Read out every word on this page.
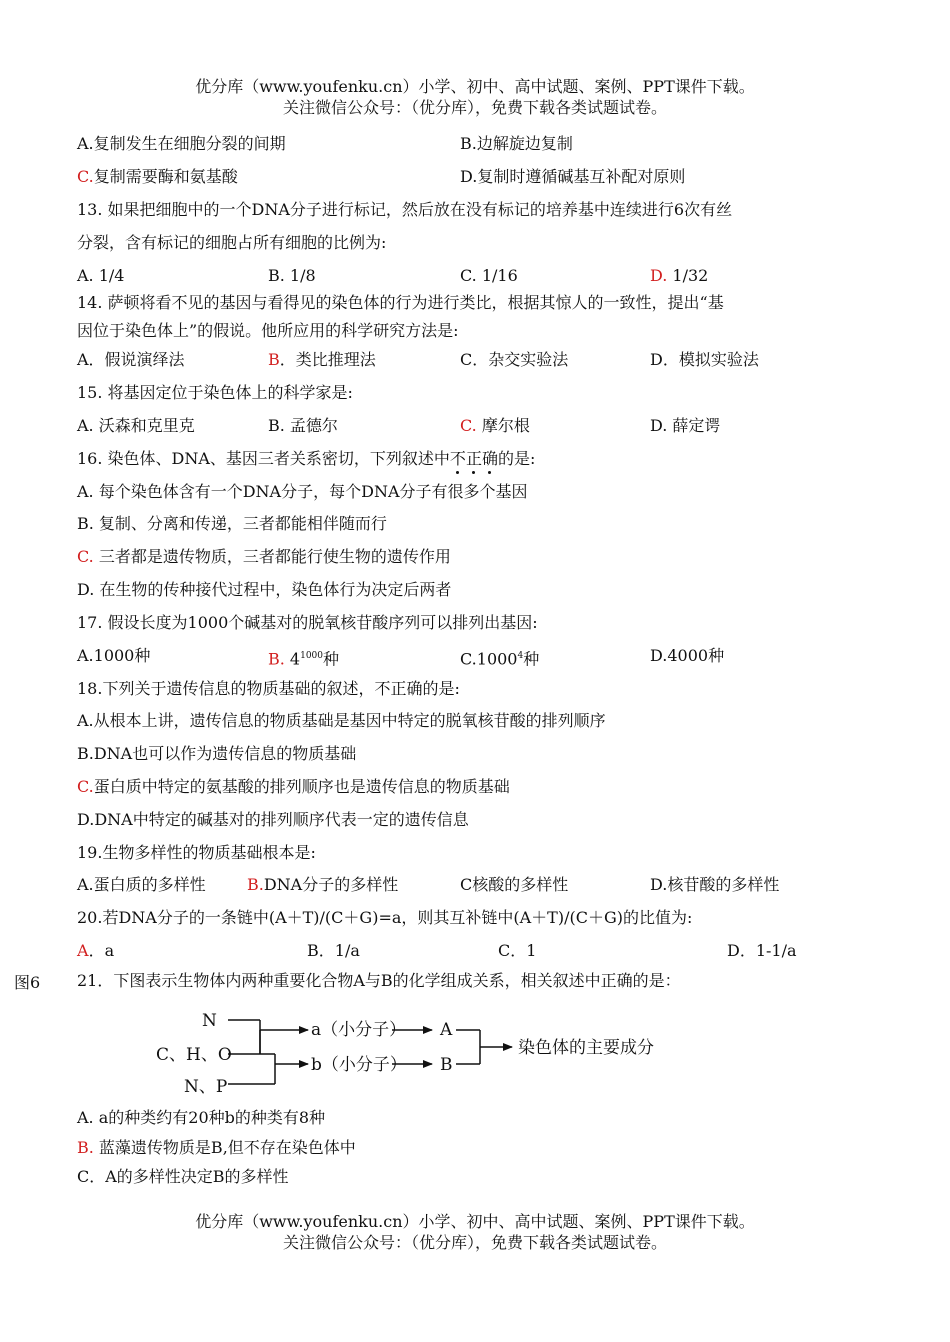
优分库（www.youfenku.cn）小学、初中、高中试题、案例、PPT课件下载。
关注微信公众号：（优分库），免费下载各类试题试卷。
A.复制发生在细胞分裂的间期	B.边解旋边复制
C.复制需要酶和氨基酸	D.复制时遵循碱基互补配对原则
13. 如果把细胞中的一个DNA分子进行标记，然后放在没有标记的培养基中连续进行6次有丝
分裂，含有标记的细胞占所有细胞的比例为:
A. 1/4	B. 1/8	C. 1/16	D. 1/32
14. 萨顿将看不见的基因与看得见的染色体的行为进行类比，根据其惊人的一致性，提出“基
因位于染色体上”的假说。他所应用的科学研究方法是:
A．假说演绎法	B．类比推理法	C．杂交实验法	D．模拟实验法
15. 将基因定位于染色体上的科学家是:
A. 沃森和克里克	B. 孟德尔	C. 摩尔根	D. 薛定谔
16. 染色体、DNA、基因三者关系密切，下列叙述中不正确的是:
A. 每个染色体含有一个DNA分子，每个DNA分子有很多个基因
B. 复制、分离和传递，三者都能相伴随而行
C. 三者都是遗传物质，三者都能行使生物的遗传作用
D. 在生物的传种接代过程中，染色体行为决定后两者
17. 假设长度为1000个碱基对的脱氧核苷酸序列可以排列出基因:
A.1000种	B. $4^{1000}$种	C.1000$^4$种	D.4000种
18.下列关于遗传信息的物质基础的叙述，不正确的是:
A.从根本上讲，遗传信息的物质基础是基因中特定的脱氧核苷酸的排列顺序
B.DNA也可以作为遗传信息的物质基础
C.蛋白质中特定的氨基酸的排列顺序也是遗传信息的物质基础
D.DNA中特定的碱基对的排列顺序代表一定的遗传信息
19.生物多样性的物质基础根本是:
A.蛋白质的多样性	B.DNA分子的多样性	C核酸的多样性	D.核苷酸的多样性
20.若DNA分子的一条链中(A＋T)/(C＋G)=a，则其互补链中(A＋T)/(C＋G)的比值为:
A．a	B．1/a	C．1	D．1-1/a
图6 21．下图表示生物体内两种重要化合物A与B的化学组成关系，相关叙述中正确的是：
N
C、H、O
N、P
a（小分子）
b（小分子）
A
B
染色体的主要成分
A. a的种类约有20种b的种类有8种
B. 蓝藻遗传物质是B,但不存在染色体中
C．A的多样性决定B的多样性
优分库（www.youfenku.cn）小学、初中、高中试题、案例、PPT课件下载。
关注微信公众号：（优分库），免费下载各类试题试卷。
